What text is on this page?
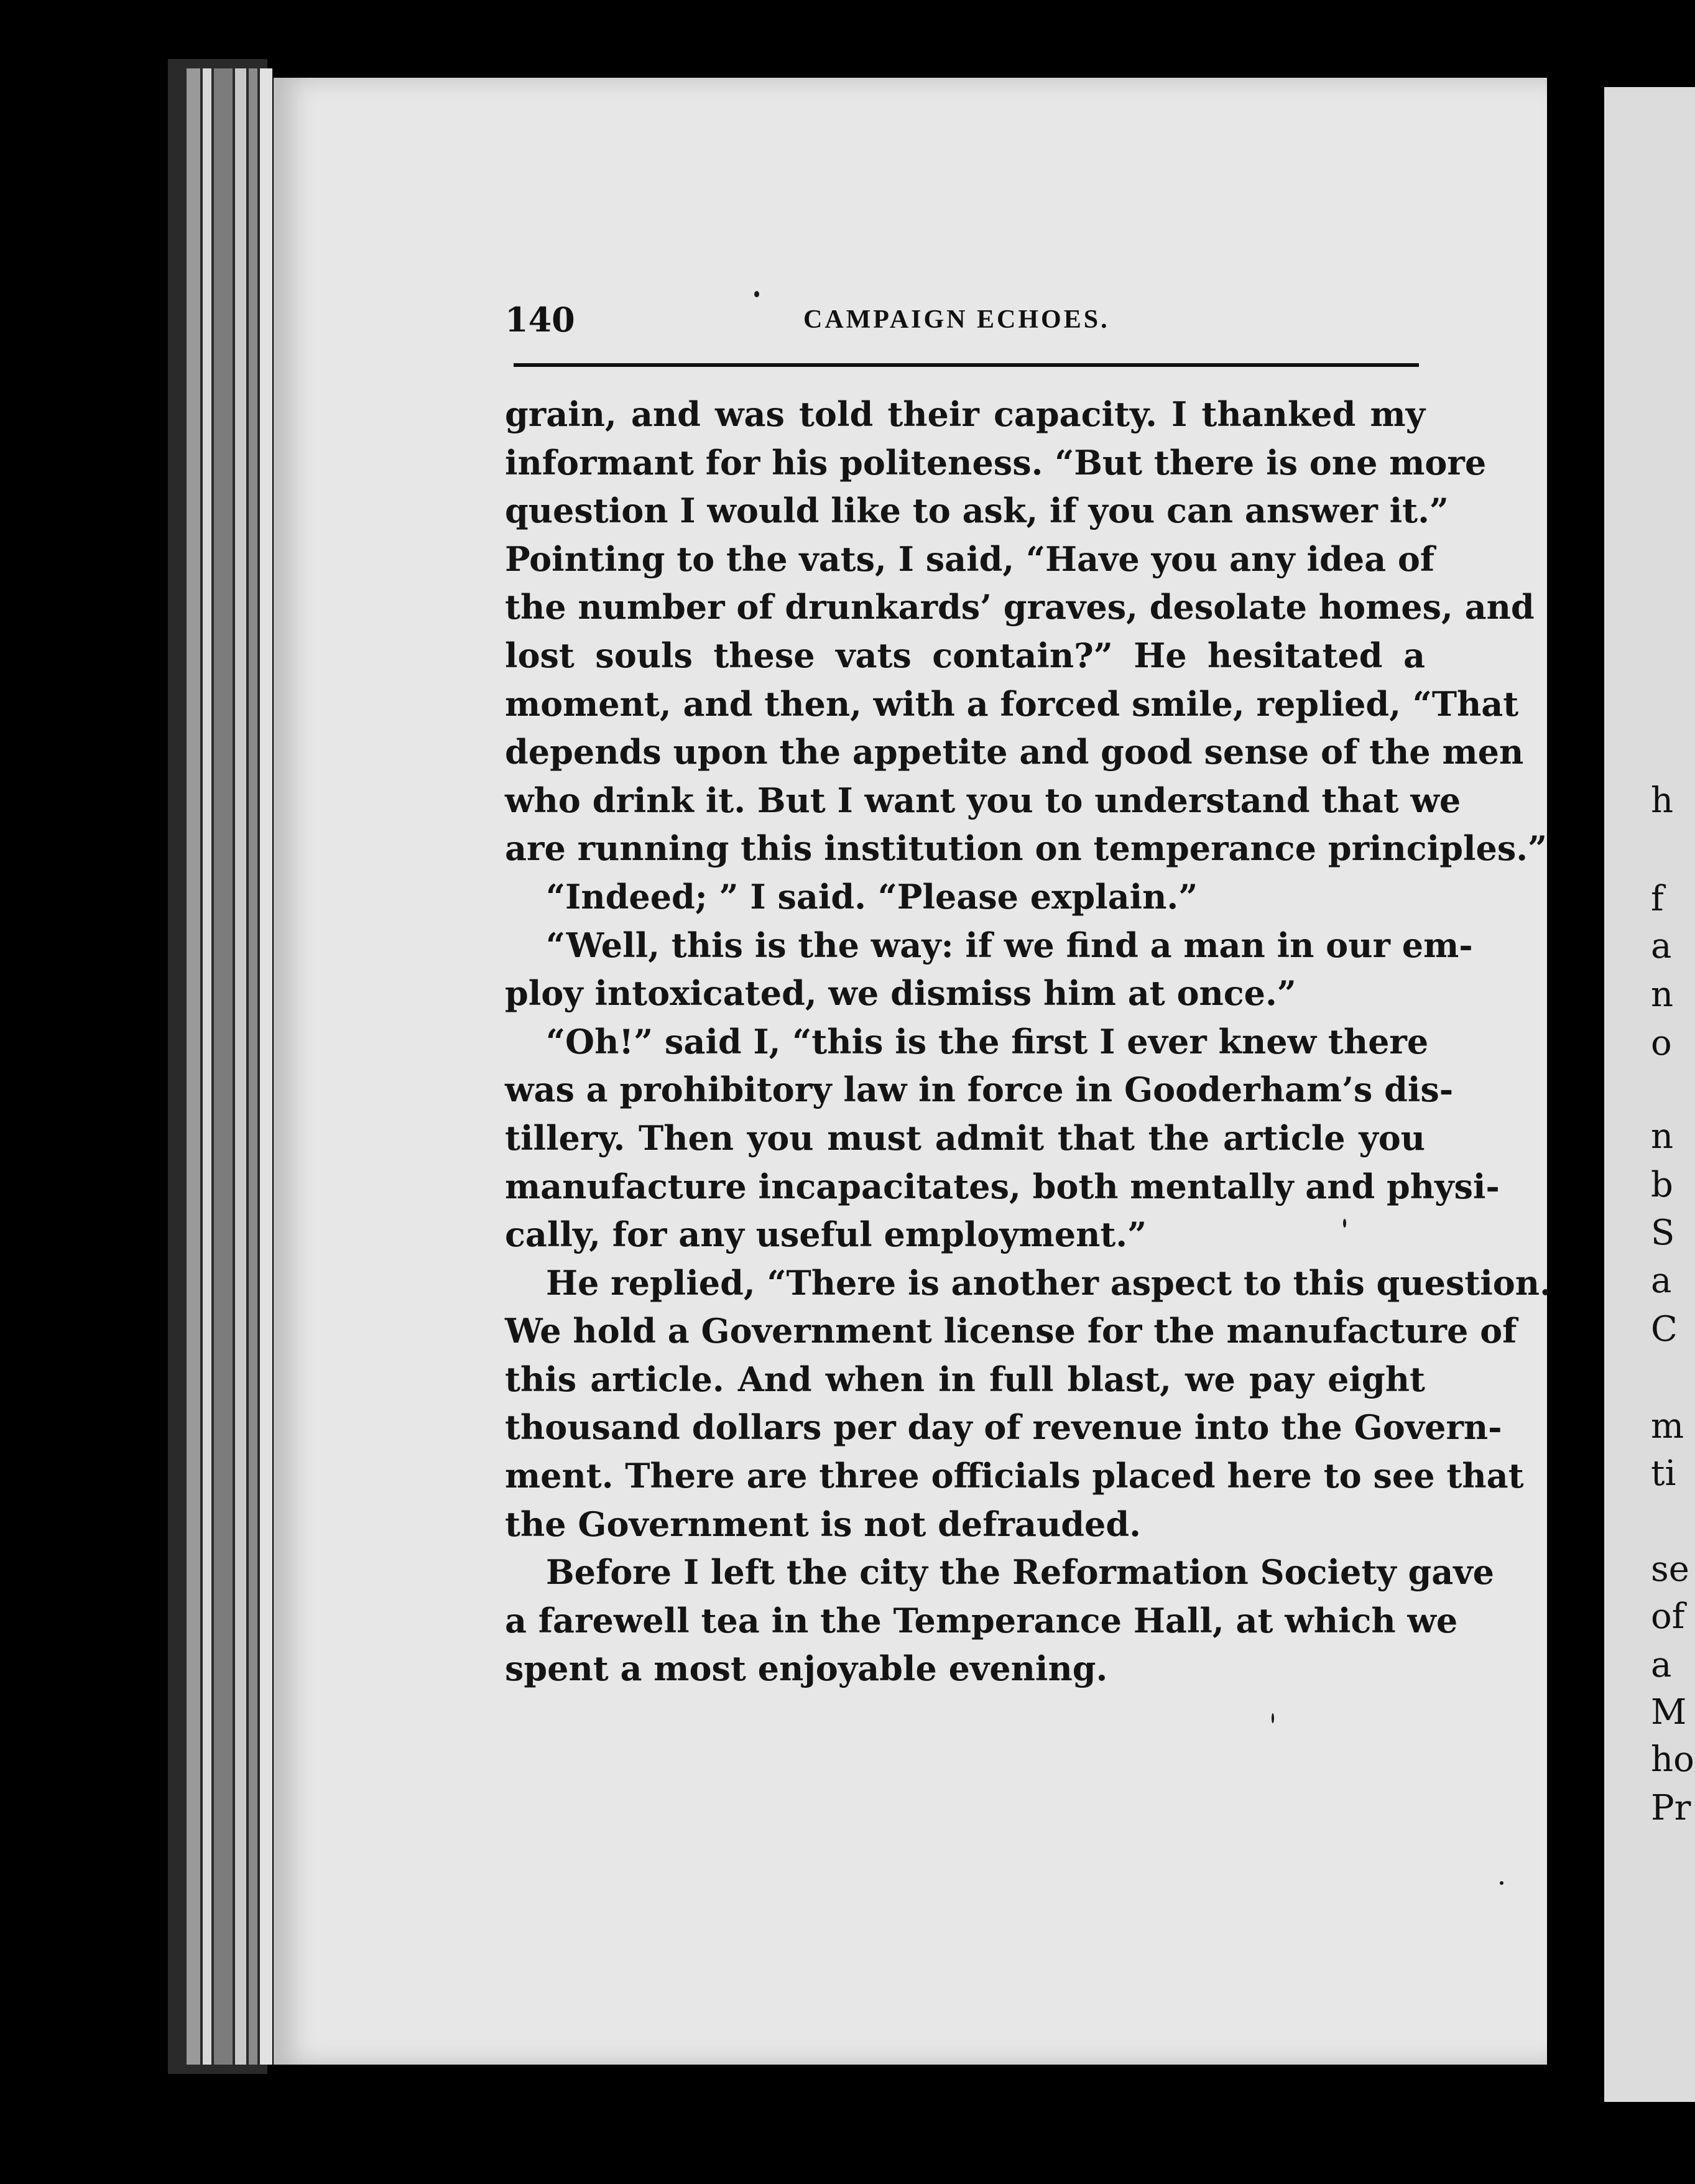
140	CAMPAIGN ECHOES.

grain, and was told their capacity. I thanked my

informant for his politeness. “But there is one more

question I would like to ask, if you can answer it.”

Pointing to the vats, I said, “Have you any idea of

the number of drunkards’ graves, desolate homes, and

lost souls these vats contain?” He hesitated a

moment, and then, with a forced smile, replied, “That

depends upon the appetite and good sense of the men

who drink it. But I want you to understand that we

are running this institution on temperance principles.”

“Indeed; ” I said. “Please explain.”

“Well, this is the way: if we find a man in our em-

ploy intoxicated, we dismiss him at once.”

“Oh!” said I, “this is the first I ever knew there

was a prohibitory law in force in Gooderham’s dis-

tillery. Then you must admit that the article you

manufacture incapacitates, both mentally and physi-

cally, for any useful employment.”

He replied, “There is another aspect to this question.

We hold a Government license for the manufacture of

this article. And when in full blast, we pay eight

thousand dollars per day of revenue into the Govern-

ment. There are three officials placed here to see that

the Government is not defrauded.

Before I left the city the Reformation Society gave

a farewell tea in the Temperance Hall, at which we

spent a most enjoyable evening.

h
f
a
n
o
n
b
S
a
C
m
ti
se
of
a
M
ho
Pr
